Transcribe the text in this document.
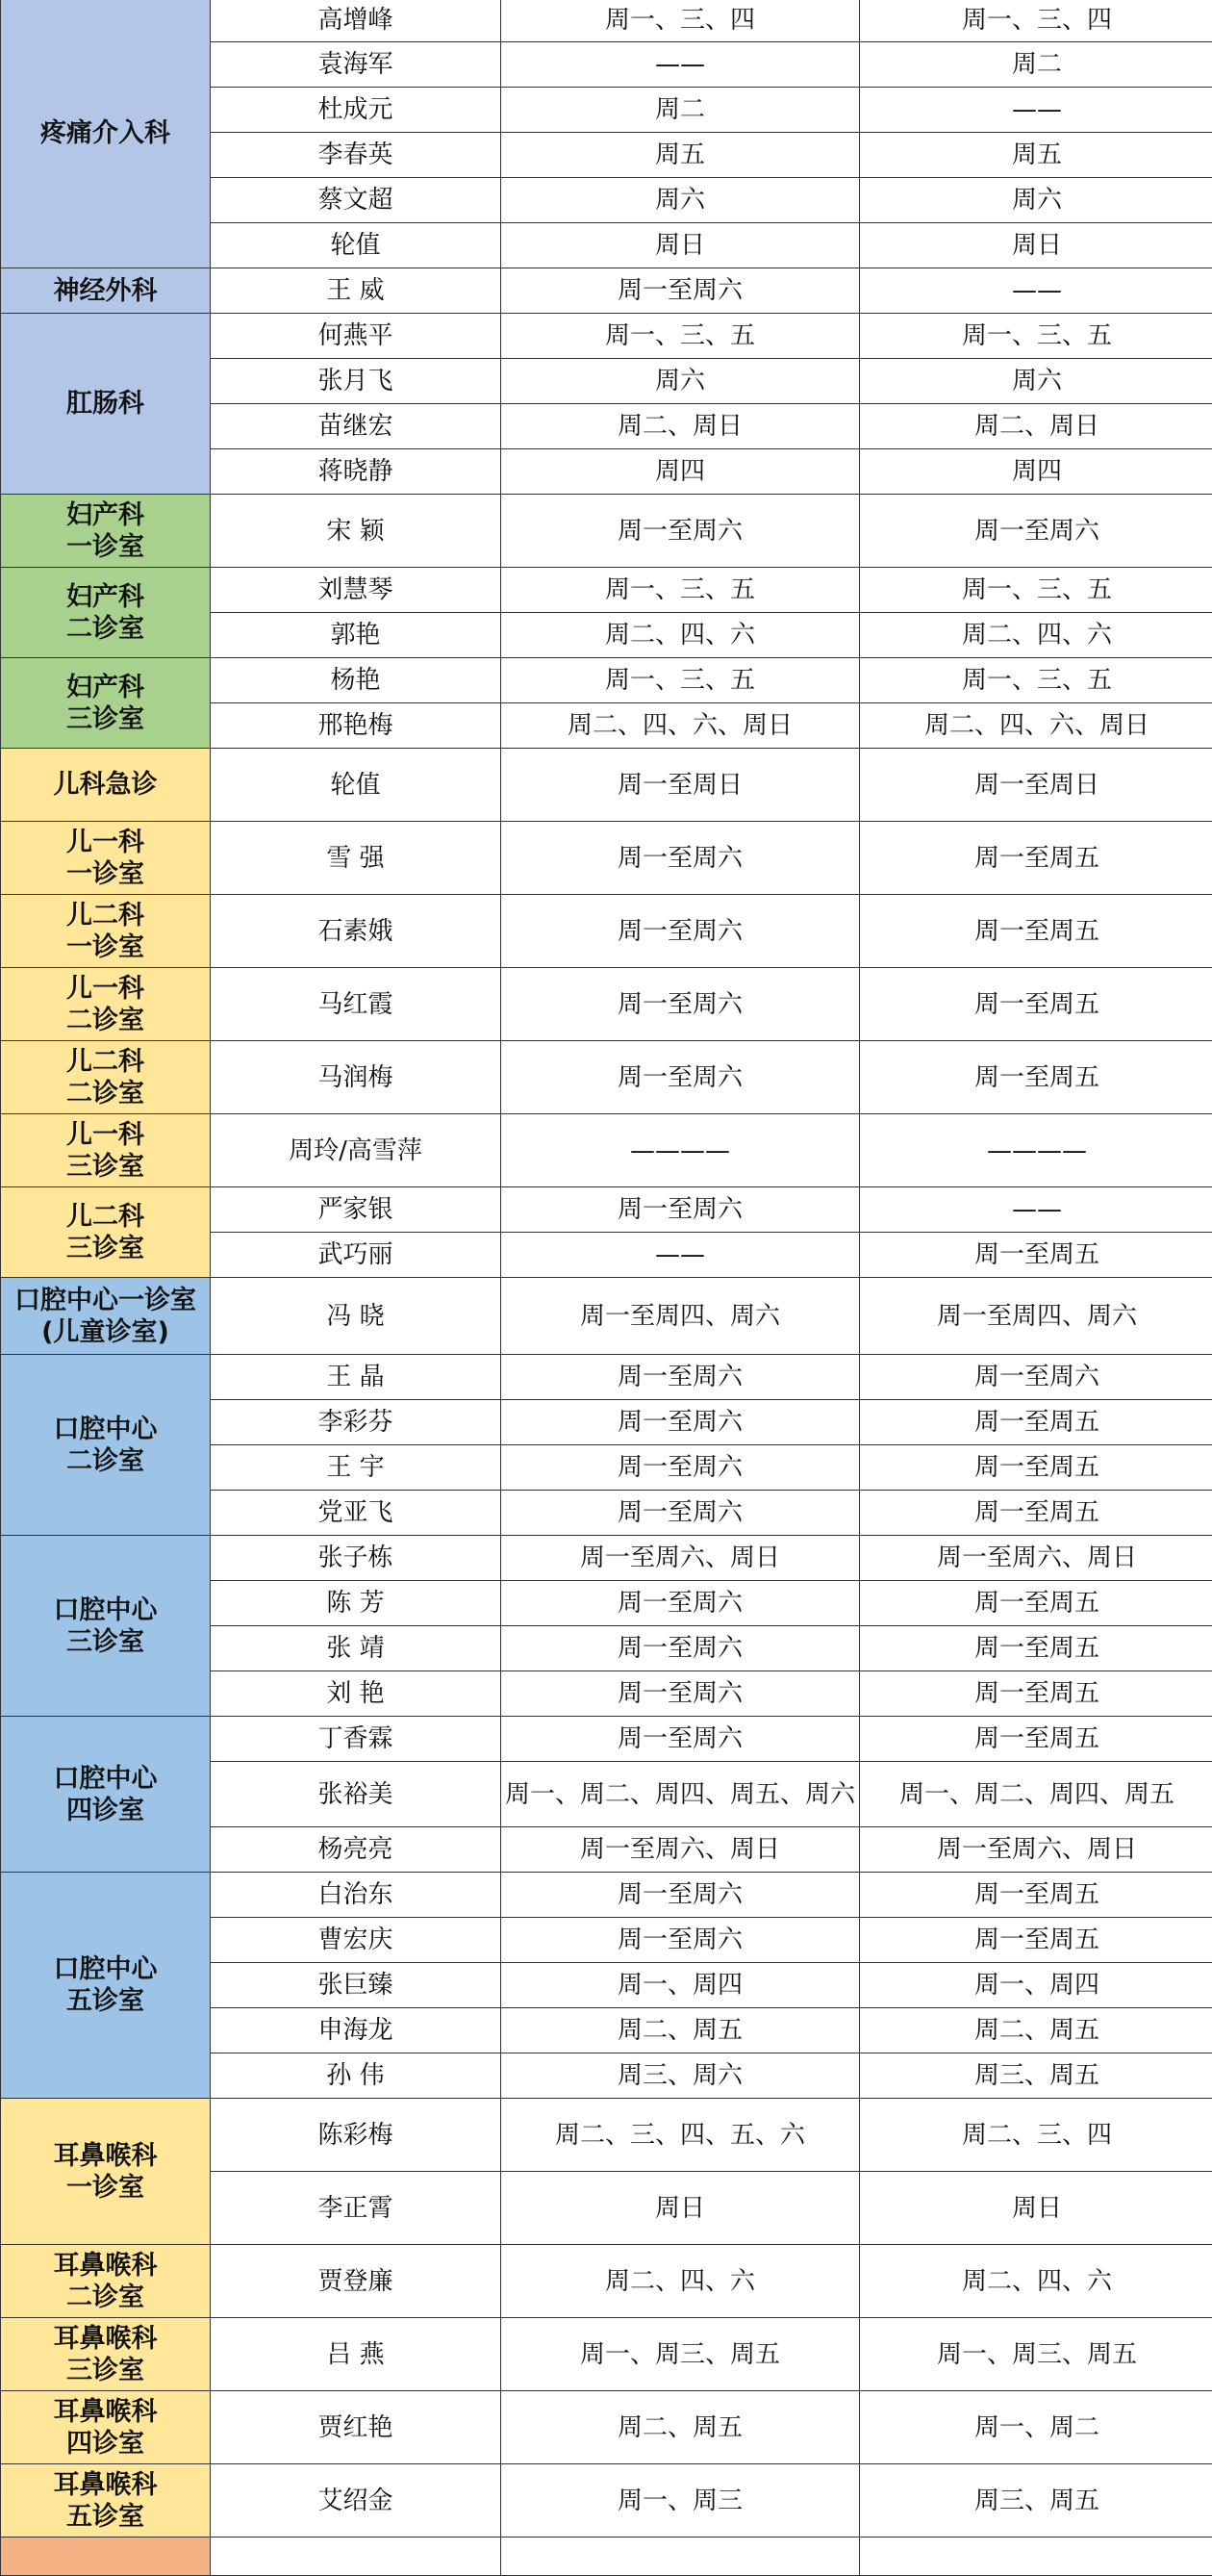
疼痛介入科	高增峰	周一、三、四	周一、三、四
	袁海军	——	周二
	杜成元	周二	——
	李春英	周五	周五
	蔡文超	周六	周六
	轮值	周日	周日
神经外科	王 威	周一至周六	——
肛肠科	何燕平	周一、三、五	周一、三、五
	张月飞	周六	周六
	苗继宏	周二、周日	周二、周日
	蒋晓静	周四	周四
妇产科
一诊室	宋 颖	周一至周六	周一至周六
妇产科
二诊室	刘慧琴	周一、三、五	周一、三、五
	郭艳	周二、四、六	周二、四、六
妇产科
三诊室	杨艳	周一、三、五	周一、三、五
	邢艳梅	周二、四、六、周日	周二、四、六、周日
儿科急诊	轮值	周一至周日	周一至周日
儿一科
一诊室	雪 强	周一至周六	周一至周五
儿二科
一诊室	石素娥	周一至周六	周一至周五
儿一科
二诊室	马红霞	周一至周六	周一至周五
儿二科
二诊室	马润梅	周一至周六	周一至周五
儿一科
三诊室	周玲/高雪萍	————	————
儿二科
三诊室	严家银	周一至周六	——
	武巧丽	——	周一至周五
口腔中心一诊室
(儿童诊室)	冯 晓	周一至周四、周六	周一至周四、周六
口腔中心
二诊室	王 晶	周一至周六	周一至周六
	李彩芬	周一至周六	周一至周五
	王 宇	周一至周六	周一至周五
	党亚飞	周一至周六	周一至周五
口腔中心
三诊室	张子栋	周一至周六、周日	周一至周六、周日
	陈 芳	周一至周六	周一至周五
	张 靖	周一至周六	周一至周五
	刘 艳	周一至周六	周一至周五
口腔中心
四诊室	丁香霖	周一至周六	周一至周五
	张裕美	周一、周二、周四、周五、周六	周一、周二、周四、周五
	杨亮亮	周一至周六、周日	周一至周六、周日
口腔中心
五诊室	白治东	周一至周六	周一至周五
	曹宏庆	周一至周六	周一至周五
	张巨臻	周一、周四	周一、周四
	申海龙	周二、周五	周二、周五
	孙 伟	周三、周六	周三、周五
耳鼻喉科
一诊室	陈彩梅	周二、三、四、五、六	周二、三、四
	李正霄	周日	周日
耳鼻喉科
二诊室	贾登廉	周二、四、六	周二、四、六
耳鼻喉科
三诊室	吕 燕	周一、周三、周五	周一、周三、周五
耳鼻喉科
四诊室	贾红艳	周二、周五	周一、周二
耳鼻喉科
五诊室	艾绍金	周一、周三	周三、周五
